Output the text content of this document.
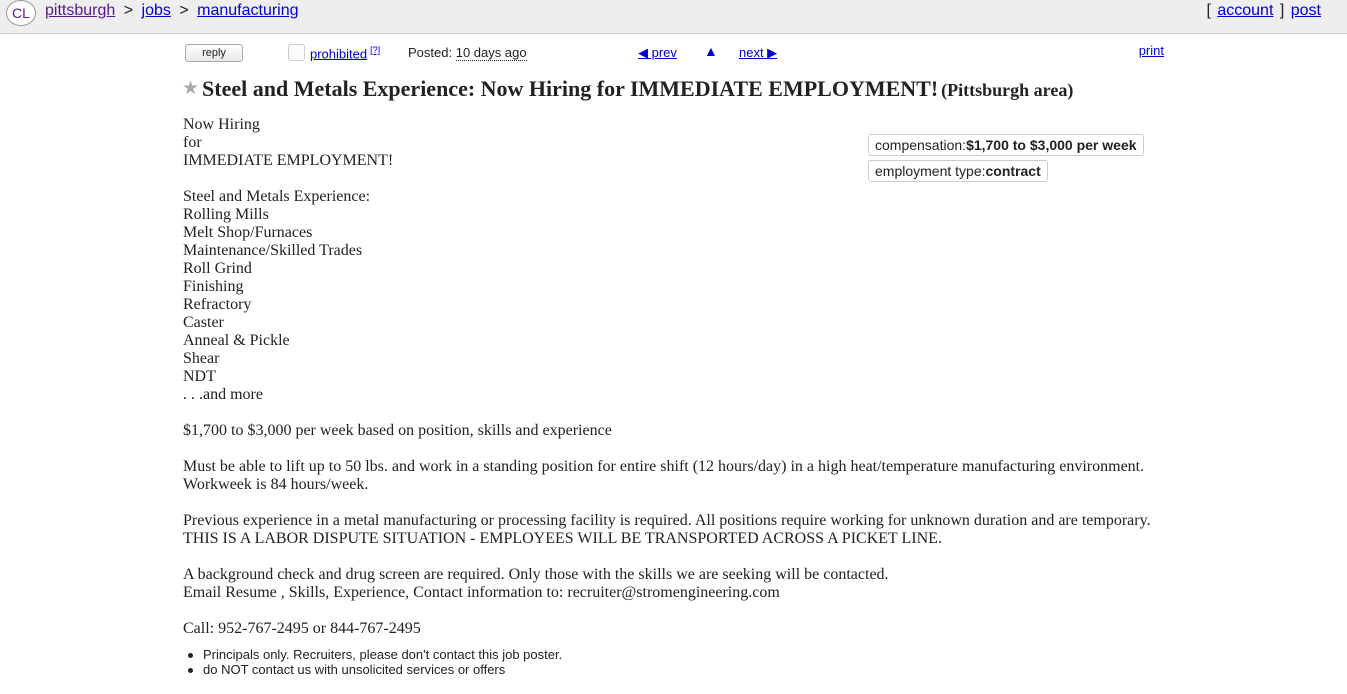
CL pittsburgh > jobs > manufacturing	[ account ] post
reply	prohibited [?] Posted: 10 days ago	◀ prev ▲ next ▶	print
★ Steel and Metals Experience: Now Hiring for IMMEDIATE EMPLOYMENT! (Pittsburgh area)
compensation:$1,700 to $3,000 per week
employment type:contract
Now Hiring
for
IMMEDIATE EMPLOYMENT!
Steel and Metals Experience:
Rolling Mills
Melt Shop/Furnaces
Maintenance/Skilled Trades
Roll Grind
Finishing
Refractory
Caster
Anneal & Pickle
Shear
NDT
. . .and more
$1,700 to $3,000 per week based on position, skills and experience
Must be able to lift up to 50 lbs. and work in a standing position for entire shift (12 hours/day) in a high heat/temperature manufacturing environment.
Workweek is 84 hours/week.
Previous experience in a metal manufacturing or processing facility is required. All positions require working for unknown duration and are temporary.
THIS IS A LABOR DISPUTE SITUATION - EMPLOYEES WILL BE TRANSPORTED ACROSS A PICKET LINE.
A background check and drug screen are required. Only those with the skills we are seeking will be contacted.
Email Resume , Skills, Experience, Contact information to: recruiter@stromengineering.com
Call: 952-767-2495 or 844-767-2495
Principals only. Recruiters, please don't contact this job poster.
do NOT contact us with unsolicited services or offers
